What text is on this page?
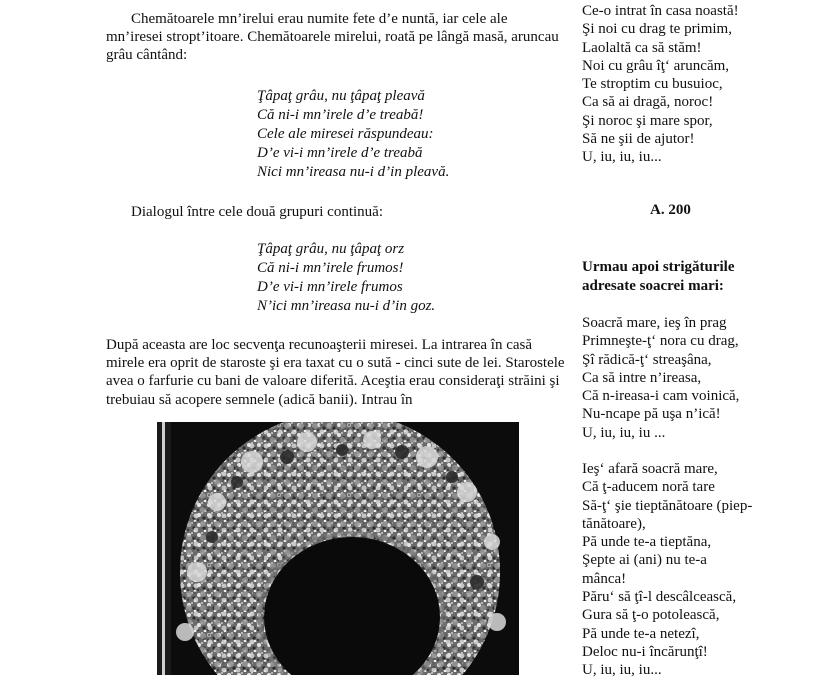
Chemătoarele mn’irelui erau numite fete d’e nuntă, iar cele ale mn’iresei stropt’itoare. Chemătoarele mirelui, roată pe lângă masă, aruncau grâu cântând:

Ţâpaţ grâu, nu ţâpaţ pleavă
Că ni-i mn’irele d’e treabă!
Cele ale miresei răspundeau:
D’e vi-i mn’irele d’e treabă
Nici mn’ireasa nu-i d’in pleavă.

Dialogul între cele două grupuri continuă:

Ţâpaţ grâu, nu ţâpaţ orz
Că ni-i mn’irele frumos!
D’e vi-i mn’irele frumos
N’ici mn’ireasa nu-i d’in goz.

După aceasta are loc secvenţa recunoaşterii miresei. La intrarea în casă mirele era oprit de staroste şi era taxat cu o sută - cinci sute de lei. Starostele avea o farfurie cu bani de valoare diferită. Aceştia erau consideraţi străini şi trebuiau să acopere semnele (adică banii). Intrau în

Ce-o intrat în casa noastă!
Şi noi cu drag te primim,
Laolaltă ca să stăm!
Noi cu grâu îţ‘ aruncăm,
Te stroptim cu busuioc,
Ca să ai dragă, noroc!
Şi noroc şi mare spor,
Să ne şii de ajutor!
U, iu, iu, iu...
A. 200
Urmau apoi strigăturile adresate soacrei mari:
Soacră mare, ieş în prag
Primneşte-ţ‘ nora cu drag,
Şî rădică-ţ‘ streaşâna,
Ca să intre n’ireasa,
Că n-ireasa-i cam voinică,
Nu-ncape pă uşa n’ică!
U, iu, iu, iu ...
Ieş‘ afară soacră mare,
Că ţ-aducem noră tare
Să-ţ‘ şie tieptănătoare (piep-
tănătoare),
Pă unde te-a tieptăna,
Şepte ai (ani) nu te-a
mânca!
Păru‘ să ţî-l descâlcească,
Gura să ţ-o potolească,
Pă unde te-a netezî,
Deloc nu-i încărunţî!
U, iu, iu, iu...
